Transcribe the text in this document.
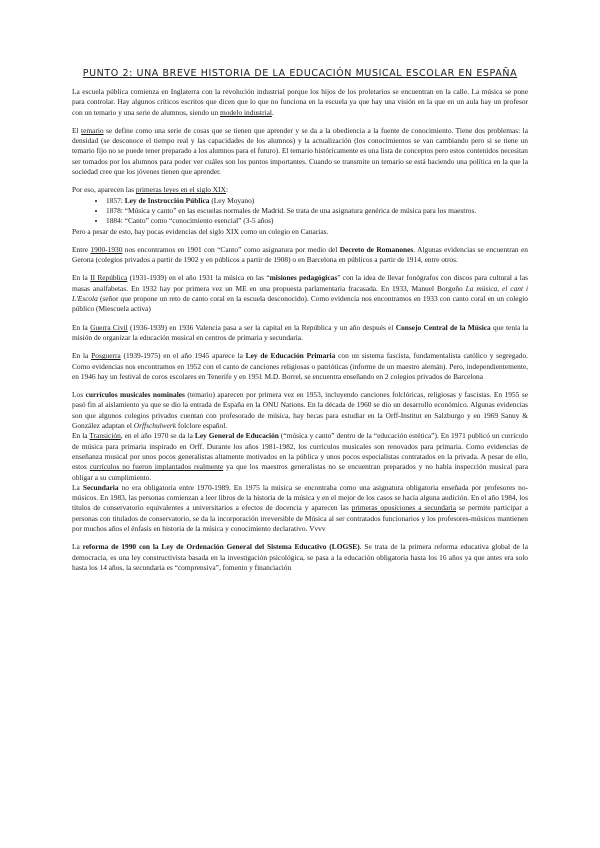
PUNTO 2: UNA BREVE HISTORIA DE LA EDUCACIÓN MUSICAL ESCOLAR EN ESPAÑA

La escuela pública comienza en Inglaterra con la revolución industrial porque los hijos de los proletarios se encuentran en la calle. La música se pone para controlar. Hay algunos críticos escritos que dicen que lo que no funciona en la escuela ya que hay una visión en la que en un aula hay un profesor con un temario y una serie de alumnos, siendo un modelo industrial.

El temario se define como una serie de cosas que se tienen que aprender y se da a la obediencia a la fuente de conocimiento. Tiene dos problemas: la densidad (se desconoce el tiempo real y las capacidades de los alumnos) y la actualización (los conocimientos se van cambiando pero si se tiene un temario fijo no se puede tener preparado a los alumnos para el futuro). El temario históricamente es una lista de conceptos pero estos contenidos necesitan ser tomados por los alumnos para poder ver cuáles son los puntos importantes. Cuando se transmite un temario se está haciendo una política en la que la sociedad cree que los jóvenes tienen que aprender.

Por eso, aparecen las primeras leyes en el siglo XIX:

• 1857: Ley de Instrucción Pública (Ley Moyano)
• 1878: “Música y canto” en las escuelas normales de Madrid. Se trata de una asignatura genérica de música para los maestros.
• 1884: “Canto” como “conocimiento esencial” (3-5 años)

Pero a pesar de esto, hay pocas evidencias del siglo XIX como un colegio en Canarias.

Entre 1900-1930 nos encontramos en 1901 con “Canto” como asignatura por medio del Decreto de Romanones. Algunas evidencias se encuentran en Gerona (colegios privados a partir de 1902 y en públicos a partir de 1908) o en Barcelona en públicos a partir de 1914, entre otros.

En la II República (1931-1939) en el año 1931 la música en las “misiones pedagógicas” con la idea de llevar fonógrafos con discos para cultural a las masas analfabetas. En 1932 hay por primera vez un ME en una propuesta parlamentaria fracasada. En 1933, Manuel Borgoño La música, el cant i L'Escola (señor que propone un reto de canto coral en la escuela desconocido). Como evidencia nos encontramos en 1933 con canto coral en un colegio público (Miescuela activa)

En la Guerra Civil (1936-1939) en 1936 Valencia pasa a ser la capital en la República y un año después el Consejo Central de la Música que tenía la misión de organizar la educación musical en centros de primaria y secundaria.

En la Posguerra (1939-1975) en el año 1945 aparece la Ley de Educación Primaria con un sistema fascista, fundamentalista católico y segregado. Como evidencias nos encontramos en 1952 con el canto de canciones religiosas o patrióticas (informe de un maestro alemán). Pero, independientemente, en 1946 hay un festival de coros escolares en Tenerife y en 1951 M.D. Borrel, se encuentra enseñando en 2 colegios privados de Barcelona

Los currículos musicales nominales (temario) aparecen por primera vez en 1953, incluyendo canciones folclóricas, religiosas y fascistas. En 1955 se pasó fin al aislamiento ya que se dio la entrada de España en la ONU Nations. En la década de 1960 se dio un desarrollo económico. Algunas evidencias son que algunos colegios privados cuentan con profesorado de música, hay becas para estudiar en la Orff-Institut en Salzburgo y en 1969 Sanuy & González adaptan el Orffschulwerk folclore español.

En la Transición, en el año 1970 se da la Ley General de Educación (“música y canto” dentro de la “educación estética”). En 1971 publicó un currículo de música para primaria inspirado en Orff. Durante los años 1981-1982, los currículos musicales son renovados para primaria. Como evidencias de enseñanza musical por unos pocos generalistas altamente motivados en la pública y unos pocos especialistas contratados en la privada. A pesar de ello, estos currículos no fueron implantados realmente ya que los maestros generalistas no se encuentran preparados y no había inspección musical para obligar a su cumplimiento.

La Secundaria no era obligatoria entre 1970-1989. En 1975 la música se encontraba como una asignatura obligatoria enseñada por profesores no-músicos. En 1983, las personas comienzan a leer libros de la historia de la música y en el mejor de los casos se hacía alguna audición. En el año 1984, los títulos de conservatorio equivalentes a universitarios a efectos de docencia y aparecen las primeras oposiciones a secundaria se permite participar a personas con titulados de conservatorio, se da la incorporación irreversible de Música al ser contratados funcionarios y los profesores-músicos mantienen por muchos años el énfasis en historia de la música y conocimiento declarativo. Vvvv

La reforma de 1990 con la Ley de Ordenación General del Sistema Educativo (LOGSE). Se trata de la primera reforma educativa global de la democracia, es una ley constructivista basada en la investigación psicológica, se pasa a la educación obligatoria hasta los 16 años ya que antes era solo hasta los 14 años, la secundaria es “comprensiva”, fomento y financiación
